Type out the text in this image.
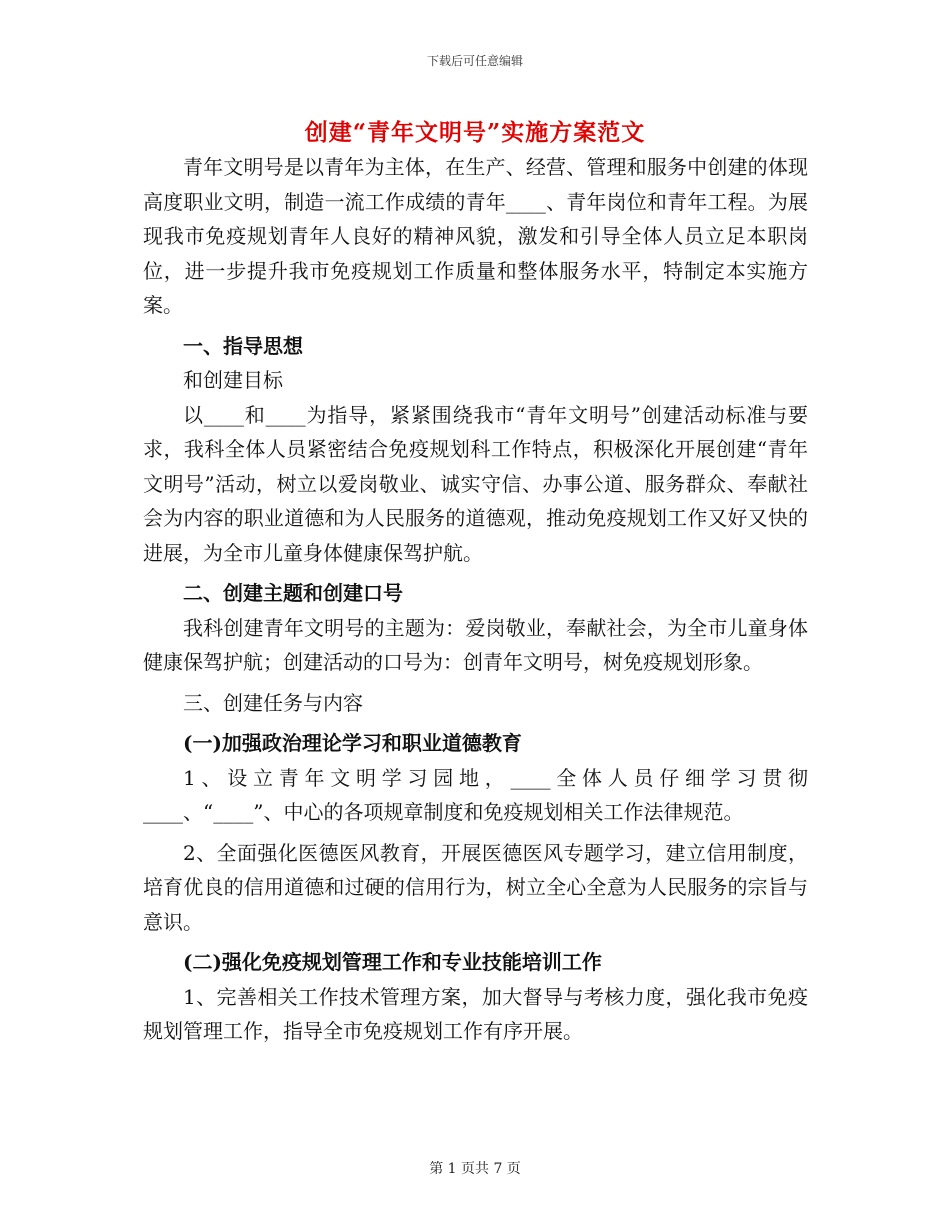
下载后可任意编辑
创建“青年文明号”实施方案范文

青年文明号是以青年为主体，在生产、经营、管理和服务中创建的体现高度职业文明，制造一流工作成绩的青年____、青年岗位和青年工程。为展现我市免疫规划青年人良好的精神风貌，激发和引导全体人员立足本职岗位，进一步提升我市免疫规划工作质量和整体服务水平，特制定本实施方案。

一、指导思想

和创建目标

以____和____为指导，紧紧围绕我市“青年文明号”创建活动标准与要求，我科全体人员紧密结合免疫规划科工作特点，积极深化开展创建“青年文明号”活动，树立以爱岗敬业、诚实守信、办事公道、服务群众、奉献社会为内容的职业道德和为人民服务的道德观，推动免疫规划工作又好又快的进展，为全市儿童身体健康保驾护航。

二、创建主题和创建口号

我科创建青年文明号的主题为：爱岗敬业，奉献社会，为全市儿童身体健康保驾护航；创建活动的口号为：创青年文明号，树免疫规划形象。

三、创建任务与内容

(一)加强政治理论学习和职业道德教育

1、设立青年文明学习园地，____全体人员仔细学习贯彻____、“____”、中心的各项规章制度和免疫规划相关工作法律规范。

2、全面强化医德医风教育，开展医德医风专题学习，建立信用制度，培育优良的信用道德和过硬的信用行为，树立全心全意为人民服务的宗旨与意识。

(二)强化免疫规划管理工作和专业技能培训工作

1、完善相关工作技术管理方案，加大督导与考核力度，强化我市免疫规划管理工作，指导全市免疫规划工作有序开展。

第 1 页共 7 页
